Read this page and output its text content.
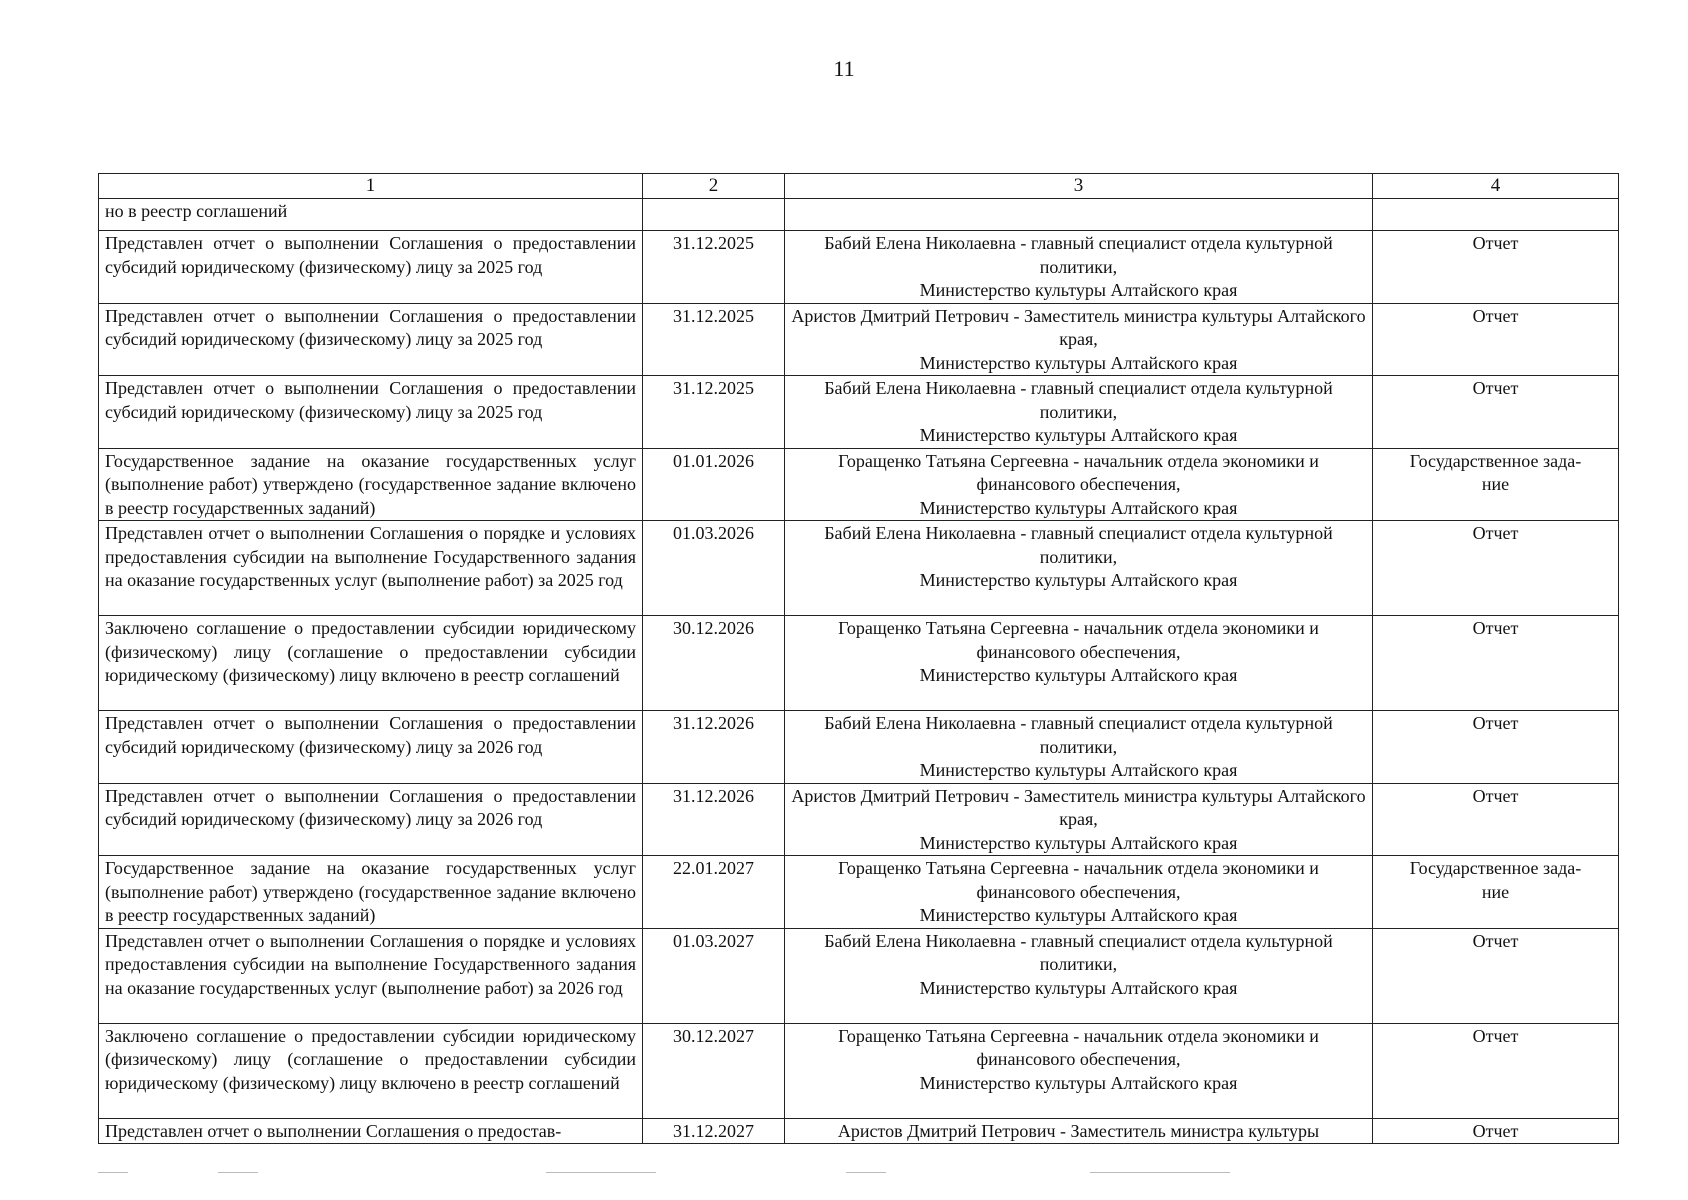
11
1	2	3	4
но в реестр соглашений			
Представлен отчет о выполнении Соглашения о предоставлении субсидий юридическому (физическому) лицу за 2025 год	31.12.2025	Бабий Елена Николаевна - главный специалист отдела культурной политики,
Министерство культуры Алтайского края	Отчет
Представлен отчет о выполнении Соглашения о предоставлении субсидий юридическому (физическому) лицу за 2025 год	31.12.2025	Аристов Дмитрий Петрович - Заместитель министра культуры Алтайского края,
Министерство культуры Алтайского края	Отчет
Представлен отчет о выполнении Соглашения о предоставлении субсидий юридическому (физическому) лицу за 2025 год	31.12.2025	Бабий Елена Николаевна - главный специалист отдела культурной политики,
Министерство культуры Алтайского края	Отчет
Государственное задание на оказание государственных услуг (выполнение работ) утверждено (государственное задание включено в реестр государственных заданий)	01.01.2026	Горащенко Татьяна Сергеевна - начальник отдела экономики и финансового обеспечения,
Министерство культуры Алтайского края	Государственное зада-
ние
Представлен отчет о выполнении Соглашения о порядке и условиях предоставления субсидии на выполнение Государственного задания на оказание государственных услуг (выполнение работ) за 2025 год	01.03.2026	Бабий Елена Николаевна - главный специалист отдела культурной политики,
Министерство культуры Алтайского края	Отчет
Заключено соглашение о предоставлении субсидии юридическому (физическому) лицу (соглашение о предоставлении субсидии юридическому (физическому) лицу включено в реестр соглашений	30.12.2026	Горащенко Татьяна Сергеевна - начальник отдела экономики и финансового обеспечения,
Министерство культуры Алтайского края	Отчет
Представлен отчет о выполнении Соглашения о предоставлении субсидий юридическому (физическому) лицу за 2026 год	31.12.2026	Бабий Елена Николаевна - главный специалист отдела культурной политики,
Министерство культуры Алтайского края	Отчет
Представлен отчет о выполнении Соглашения о предоставлении субсидий юридическому (физическому) лицу за 2026 год	31.12.2026	Аристов Дмитрий Петрович - Заместитель министра культуры Алтайского края,
Министерство культуры Алтайского края	Отчет
Государственное задание на оказание государственных услуг (выполнение работ) утверждено (государственное задание включено в реестр государственных заданий)	22.01.2027	Горащенко Татьяна Сергеевна - начальник отдела экономики и финансового обеспечения,
Министерство культуры Алтайского края	Государственное зада-
ние
Представлен отчет о выполнении Соглашения о порядке и условиях предоставления субсидии на выполнение Государственного задания на оказание государственных услуг (выполнение работ) за 2026 год	01.03.2027	Бабий Елена Николаевна - главный специалист отдела культурной политики,
Министерство культуры Алтайского края	Отчет
Заключено соглашение о предоставлении субсидии юридическому (физическому) лицу (соглашение о предоставлении субсидии юридическому (физическому) лицу включено в реестр соглашений	30.12.2027	Горащенко Татьяна Сергеевна - начальник отдела экономики и финансового обеспечения,
Министерство культуры Алтайского края	Отчет
Представлен отчет о выполнении Соглашения о предостав-	31.12.2027	Аристов Дмитрий Петрович - Заместитель министра культуры	Отчет
